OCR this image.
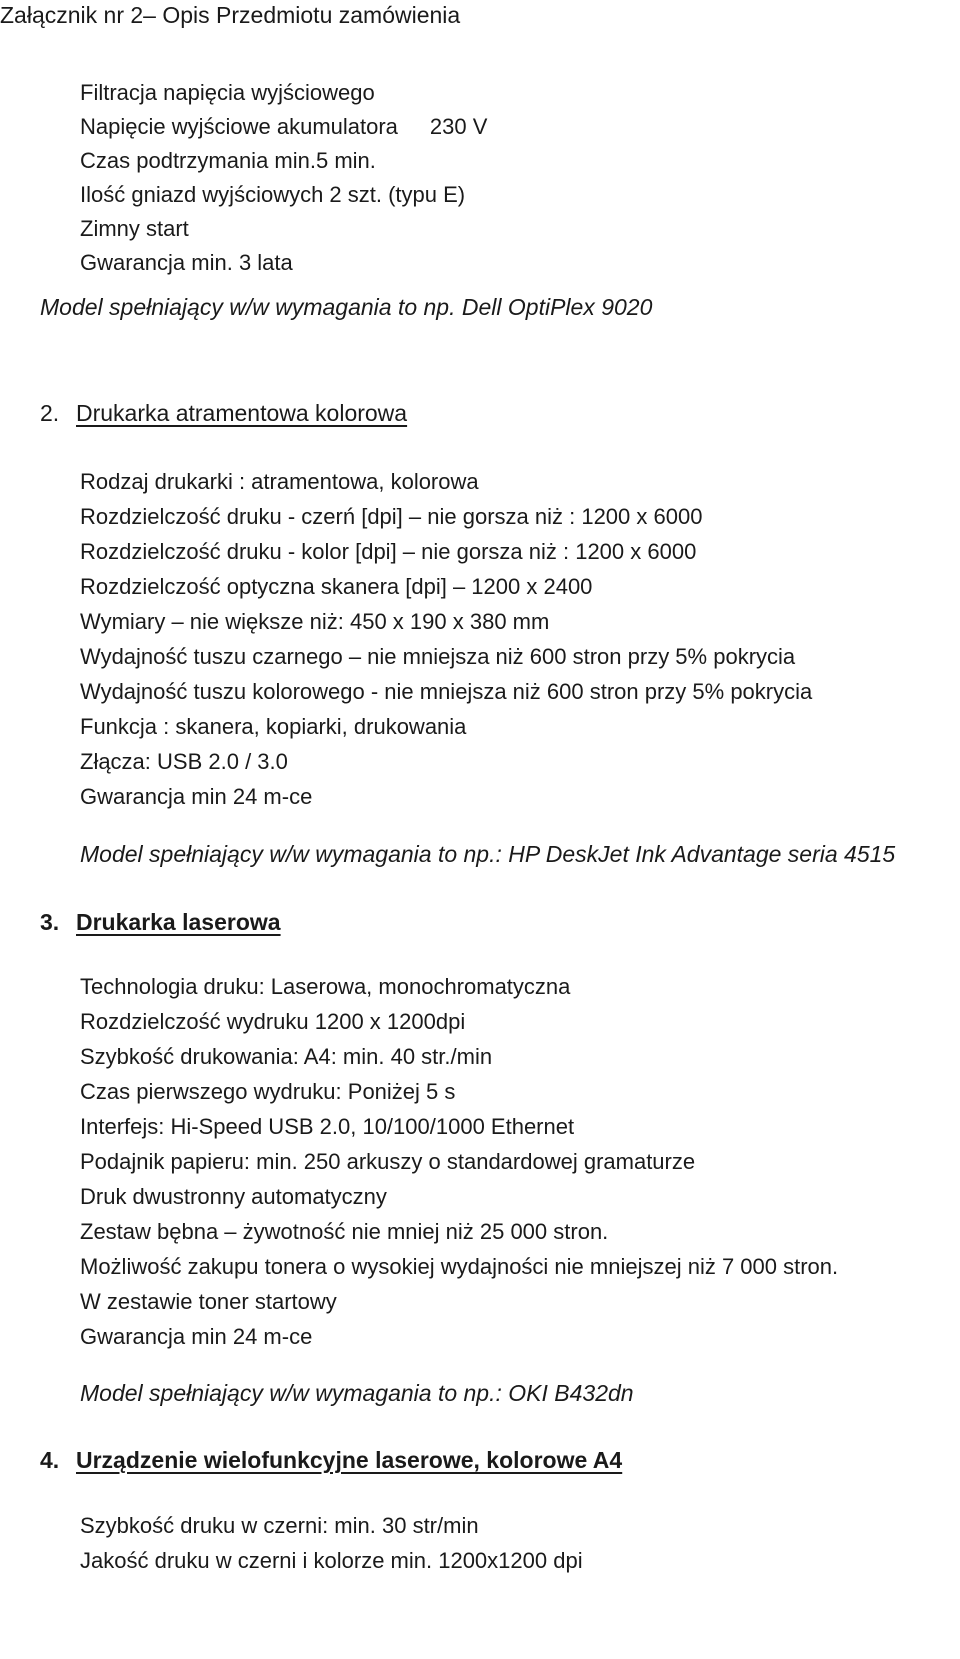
Załącznik nr 2– Opis Przedmiotu zamówienia
Filtracja napięcia wyjściowego
Napięcie wyjściowe akumulatora 230 V
Czas podtrzymania min.5 min.
Ilość gniazd wyjściowych 2 szt. (typu E)
Zimny start
Gwarancja min. 3 lata
Model spełniający w/w wymagania to np. Dell OptiPlex 9020
2. Drukarka atramentowa kolorowa
Rodzaj drukarki : atramentowa, kolorowa
Rozdzielczość druku - czerń [dpi] – nie gorsza niż : 1200 x 6000
Rozdzielczość druku - kolor [dpi] – nie gorsza niż : 1200 x 6000
Rozdzielczość optyczna skanera [dpi] – 1200 x 2400
Wymiary – nie większe niż: 450 x 190 x 380 mm
Wydajność tuszu czarnego – nie mniejsza niż 600 stron przy 5% pokrycia
Wydajność tuszu kolorowego - nie mniejsza niż 600 stron przy 5% pokrycia
Funkcja : skanera, kopiarki, drukowania
Złącza: USB 2.0 / 3.0
Gwarancja min 24 m-ce
Model spełniający w/w wymagania to np.: HP DeskJet Ink Advantage seria 4515
3. Drukarka laserowa
Technologia druku: Laserowa, monochromatyczna
Rozdzielczość wydruku 1200 x 1200dpi
Szybkość drukowania: A4: min. 40 str./min
Czas pierwszego wydruku: Poniżej 5 s
Interfejs: Hi-Speed USB 2.0, 10/100/1000 Ethernet
Podajnik papieru: min. 250 arkuszy o standardowej gramaturze
Druk dwustronny automatyczny
Zestaw bębna – żywotność nie mniej niż 25 000 stron.
Możliwość zakupu tonera o wysokiej wydajności nie mniejszej niż 7 000 stron.
W zestawie toner startowy
Gwarancja min 24 m-ce
Model spełniający w/w wymagania to np.: OKI B432dn
4. Urządzenie wielofunkcyjne laserowe, kolorowe A4
Szybkość druku w czerni: min. 30 str/min
Jakość druku w czerni i kolorze min. 1200x1200 dpi
